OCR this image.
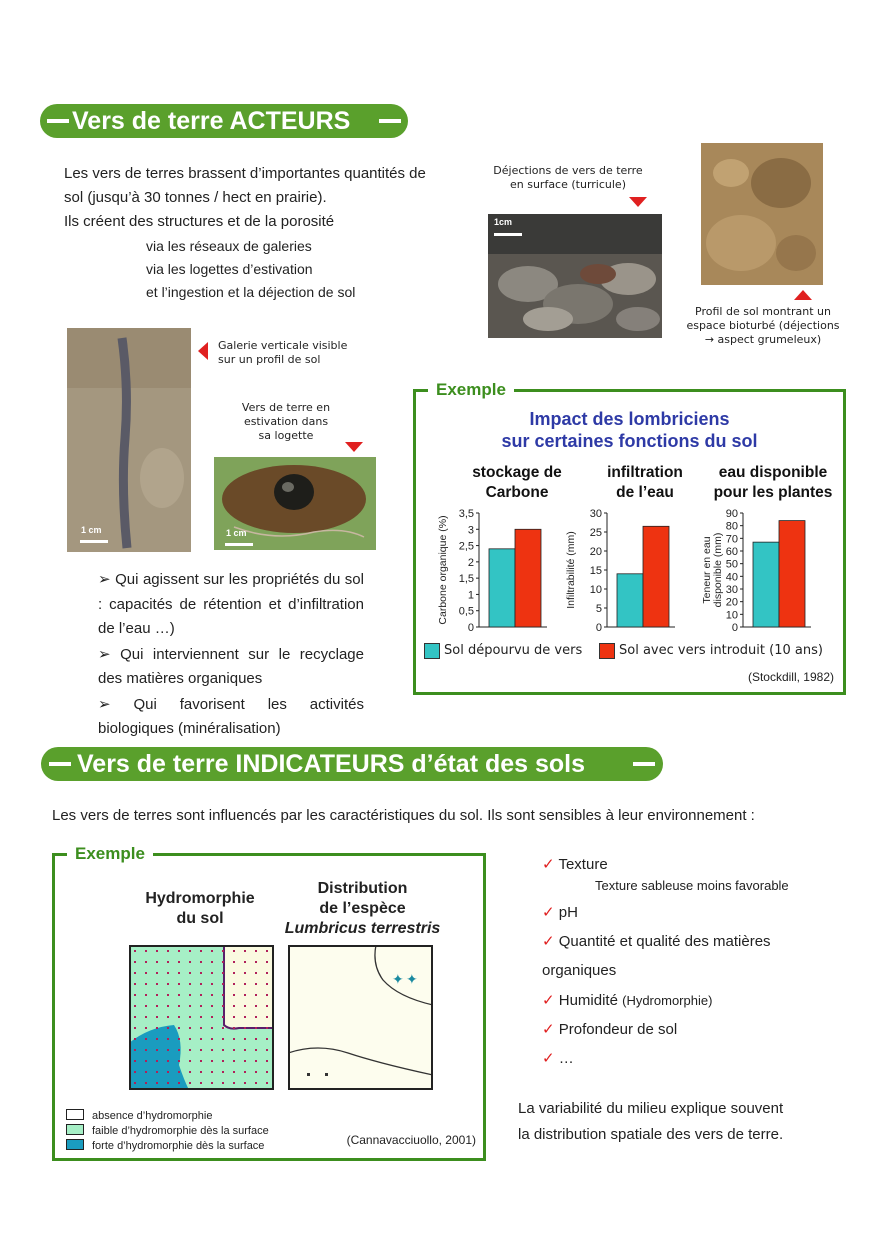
Vers de terre ACTEURS
Les vers de terres brassent d’importantes quantités de
sol (jusqu’à 30 tonnes / hect en prairie).
Ils créent des structures et de la porosité
via les réseaux de galeries
via les logettes d’estivation
et l’ingestion et la déjection de sol
Déjections de vers de terre en surface (turricule)
1cm
Profil de sol montrant un espace bioturbé (déjections → aspect grumeleux)
1 cm
Galerie verticale visible sur un profil de sol
Vers de terre en estivation dans sa logette
1 cm
➢ Qui agissent sur les propriétés du sol : capacités de rétention et d’infiltration de l’eau …)
➢ Qui interviennent sur le recyclage des matières organiques
➢ Qui favorisent les activités biologiques (minéralisation)
Exemple
Impact des lombriciens
sur certaines fonctions du sol
stockage de
Carbone
0
0,5
1
1,5
2
2,5
3
3,5
Carbone organique (%)
infiltration
de l’eau
0
5
10
15
20
25
30
Infiltrabilité (mm)
eau disponible
pour les plantes
0
10
20
30
40
50
60
70
80
90
Teneur en eau disponible (mm)
Sol dépourvu de vers	Sol avec vers introduit (10 ans)
(Stockdill, 1982)
Vers de terre INDICATEURS d’état des sols
Les vers de terres sont influencés par les caractéristiques du sol. Ils sont sensibles à leur environnement :
Exemple
Hydromorphie
du sol
Distribution
de l’espèce
Lumbricus terrestris
✦ ✦
absence d’hydromorphie
faible d’hydromorphie dès la surface
forte d’hydromorphie dès la surface	(Cannavacciuollo, 2001)
✓ Texture
Texture sableuse moins favorable
✓ pH
✓ Quantité et qualité des matières
organiques
✓ Humidité (Hydromorphie)
✓ Profondeur de sol
✓ …
La variabilité du milieu explique souvent
la distribution spatiale des vers de terre.
